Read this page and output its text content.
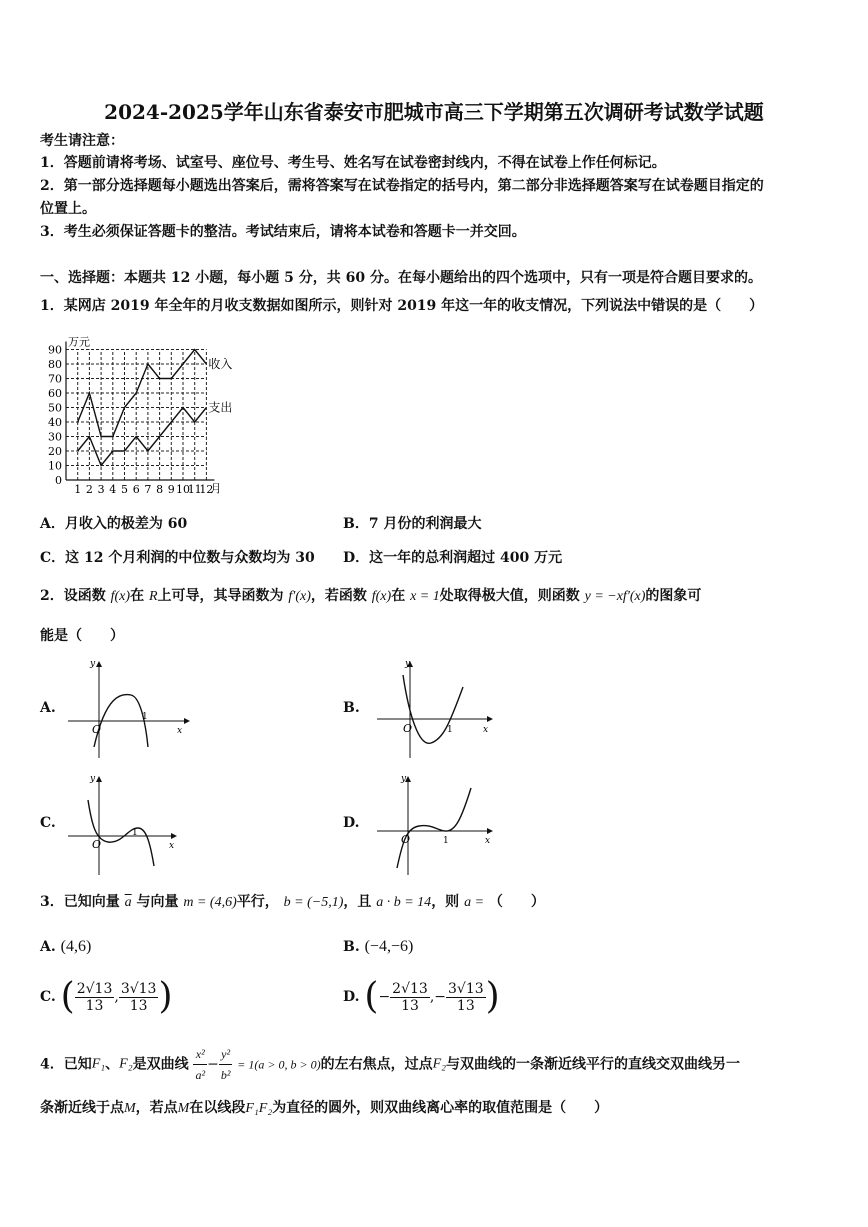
2024-2025学年山东省泰安市肥城市高三下学期第五次调研考试数学试题
考生请注意：
1．答题前请将考场、试室号、座位号、考生号、姓名写在试卷密封线内，不得在试卷上作任何标记。
2．第一部分选择题每小题选出答案后，需将答案写在试卷指定的括号内，第二部分非选择题答案写在试卷题目指定的
位置上。
3．考生必须保证答题卡的整洁。考试结束后，请将本试卷和答题卡一并交回。
一、选择题：本题共 12 小题，每小题 5 分，共 60 分。在每小题给出的四个选项中，只有一项是符合题目要求的。
1．某网店 2019 年全年的月收支数据如图所示，则针对 2019 年这一年的收支情况，下列说法中错误的是（　　）
万元
月
0
10
20
30
40
50
60
70
80
90
1 2 3 4 5 6 7 8 9 10
11
12
收入
支出
A．月收入的极差为 60	B．7 月份的利润最大
C．这 12 个月利润的中位数与众数均为 30 D．这一年的总利润超过 400 万元
2．设函数 f(x)在 R上可导，其导函数为 f′(x)，若函数 f(x)在 x = 1处取得极大值，则函数 y = −xf′(x)的图象可
能是（　　）
A.
O
1
x
y
B.
O	1	x
y
C.
O
1
x
y
D.
O	1	x
y
3．已知向量 $\overline{a}$ 与向量 m = (4,6)平行， b = (−5,1)，且 a · b = 14，则 a = （　　）
A. (4,6)	B. (−4,−6)
C. ( $\frac{2√13}{13}$ , $\frac{3√13}{13}$ )	D. (− $\frac{2√13}{13}$ ,− $\frac{3√13}{13}$ )
4．已知F₁、F₂是双曲线 $\frac{\text{x²}}{\text{a²}} - \frac{\text{y²}}{\text{b²}} = 1(a > 0$, b > 0)的左右焦点，过点F₂与双曲线的一条渐近线平行的直线交双曲线另一
条渐近线于点M，若点M在以线段F₁F₂为直径的圆外，则双曲线离心率的取值范围是（　　）
